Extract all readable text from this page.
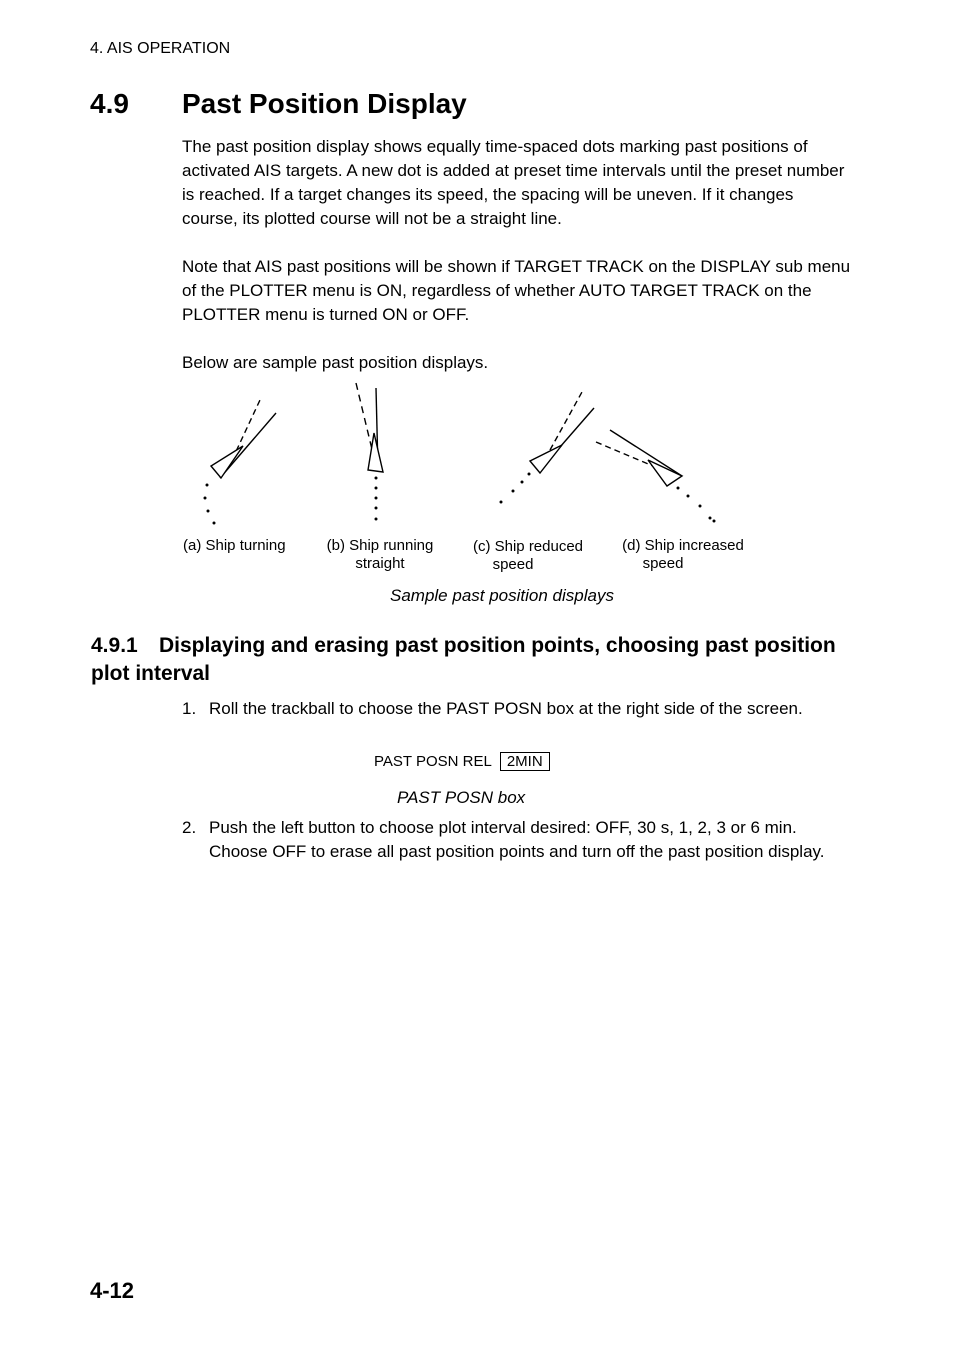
4. AIS OPERATION
4.9 Past Position Display
The past position display shows equally time-spaced dots marking past positions of activated AIS targets. A new dot is added at preset time intervals until the preset number is reached. If a target changes its speed, the spacing will be uneven. If it changes course, its plotted course will not be a straight line.
Note that AIS past positions will be shown if TARGET TRACK on the DISPLAY sub menu of the PLOTTER menu is ON, regardless of whether AUTO TARGET TRACK on the PLOTTER menu is turned ON or OFF.
Below are sample past position displays.
(a) Ship turning	(b) Ship running
straight
(c) Ship reduced
speed
(d) Ship increased
speed
Sample past position displays
4.9.1 Displaying and erasing past position points, choosing past position plot interval
1. Roll the trackball to choose the PAST POSN box at the right side of the screen.
PAST POSN REL 2MIN
PAST POSN box
2. Push the left button to choose plot interval desired: OFF, 30 s, 1, 2, 3 or 6 min. Choose OFF to erase all past position points and turn off the past position display.
4-12
